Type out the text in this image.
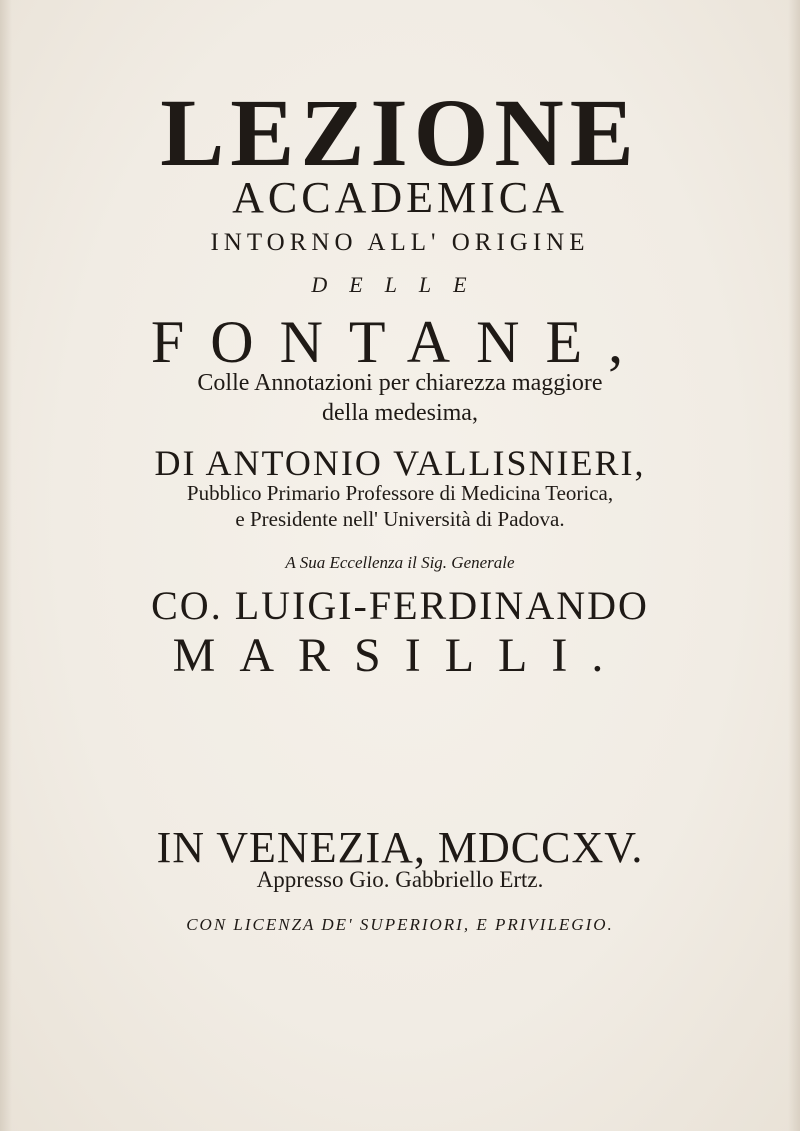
LEZIONE
ACCADEMICA
INTORNO ALL' ORIGINE
DELLE
FONTANE,
Colle Annotazioni per chiarezza maggiore
della medesima,
DI ANTONIO VALLISNIERI,
Pubblico Primario Professore di Medicina Teorica,
e Presidente nell' Università di Padova.
A Sua Eccellenza il Sig. Generale
CO. LUIGI-FERDINANDO
MARSILLI.
IN VENEZIA, MDCCXV.
Appresso Gio. Gabbriello Ertz.
CON LICENZA DE' SUPERIORI, E PRIVILEGIO.
